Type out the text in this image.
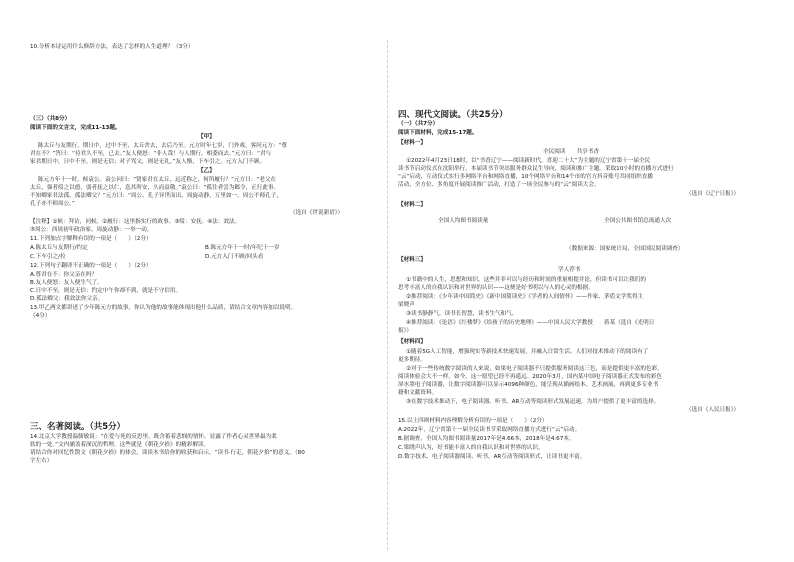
10.分析本诗运用什么修辞方法，表达了怎样的人生道理？（3分）
（三）（共8分）
阅读下面的文言文，完成11-13题。
【甲】
陈太丘与友期行，期日中，过中不至，太丘舍去，去后乃至。元方时年七岁，门外戏。客问元方：“尊
君在不？”答曰：“待君久不至，已去。”友人便怒：“非人哉！与人期行，相委而去。”元方曰：“君与
家君期日中，日中不至，则是无信；对子骂父，则是无礼。”友人惭，下车引之。元方入门不顾。
【乙】
陈元方年十一时，候袁公。袁公问曰：“贤家君在太丘，远近称之，何所履行？”元方曰：“老父在
太丘，强者绥之以德，弱者抚之以仁，恣其所安，久而益敬。”袁公曰：“孤往者尝为邺令，正行此事。
不知卿家君法孤，孤法卿父？”元方曰：“周公、孔子异世而出，周旋动静，万里如一。周公不师孔子，
孔子亦不师周公。”
（选自《世说新语》）
【注释】①候：拜访，问候。②履行：这里指实行的政事。③绥：安抚。④法：效法。
⑤周公：西周初年政治家。周旋动静：一举一动。
11.下列加点字解释有误的一项是（　　）（2分）
A.陈太丘与友期行/约定	B.陈元方年十一时/年纪十一岁
C.下车引之/拉	D.元方入门不顾/回头看
12.下列句子翻译不正确的一项是（　　）（2分）
A.尊君在不：你父亲在吗？
B.友人便怒：友人便生气了。
C.日中不至，则是无信：约定中午你却不到，就是不守信用。
D.孤法卿父：我效法你父亲。
13.甲乙两文都讲述了少年陈元方的故事，你认为他的故事能体现出他什么品质，请结合文章内容加以说明。
（4分）
三、名著阅读。（共5分）
14.北京大学教授温儒敏说：“在爱与死的反思里，既含蓄着悲悯的情怀，显露了作者心灵世界最为柔
软的一处。”文内涵盖着深沉的哲理，这些就是《朝花夕拾》的精彩解读。
请结合你对回忆性散文《朝花夕拾》的体会，谈谈本书给你的收获和启示。“读书·行走，朝花夕拾”的意义。（80
字左右）
四、现代文阅读。（共25分）
（一）（共7分）
阅读下面材料，完成15-17题。
【材料一】
全民阅读　　共享书香
①2022年4月23日18时，以“书香辽宁——阅读新时代，喜迎二十大”为主题的辽宁省第十一届全民
读书节启动仪式在沈阳举行。本届读书节突出服务群众民生导向，阅读和推广主题。采取10小时的直播方式进行
“云”启动，互动仪式实行多网络平台和网络直播，10个网络平台和14个市的官方抖音账号共同组织直播
活动，全方位、多角度开展阅读推广活动，打造了一场全民参与的“云”阅读大会。
（选自《辽宁日报》）
【材料二】
全国人均图书阅读量	全国公共图书馆总流通人次
（数据来源：国家统计局、全国国民阅读调查）
【材料三】
学人荐书
①书籍中的人生，思想和知识，这些并非可以与经历和时间的重量相提并论，但读书可以让我们的
思考丰富人的自我认识和对世界的认识——这便是好书明以与人的心灵的根据。
②推荐阅读：《少年读中国简史》《新中国简读史》《学者的人间情怀》——作家、茅盾文学奖得主
梁晓声
③读书静静气，读书长智慧，读书生气和气。
④推荐阅读：《论语》《红楼梦》《给孩子的历史地理》——中国人民大学教授　　蒋某（选自《光明日
报》）
【材料四】
①随着5G人工智能，增强现实等新技术快速发展，并融入日常生活，人们对技术推动下的阅读有了
更多期待。
②对于一些传统数字阅读的人来说，如果电子阅读器不只提供服务阅读这三色，而是提供更丰富的色彩。
阅读体验会大不一样。如今，这一愿望已经不再遥远。2020年3月，国内某中国电子阅读器正式发布的彩色
屏水墨电子阅读器，让数字阅读器可以显示4096种颜色，能呈现从插画绘本、艺术画展，再到更多专业书
籍和文献资料。
③在数字技术推动下，电子阅读器、听书、AR互动等阅读形式发展迅速，为用户提供了更丰富的选择。
（选自《人民日报》）
15.以上四则材料内容理解分析有误的一项是（　　）（2分）
A.2022年，辽宁省第十一届全民读书节采取网络直播方式进行“云”启动。
B.据调查，全国人均图书阅读量2017年是4.66本，2018年是4.67本。
C.梁晓声认为，好书能丰富人的自我认识和对世界的认识。
D.数字技术、电子阅读器阅读、听书、AR互动等阅读形式，让读书更丰富。
